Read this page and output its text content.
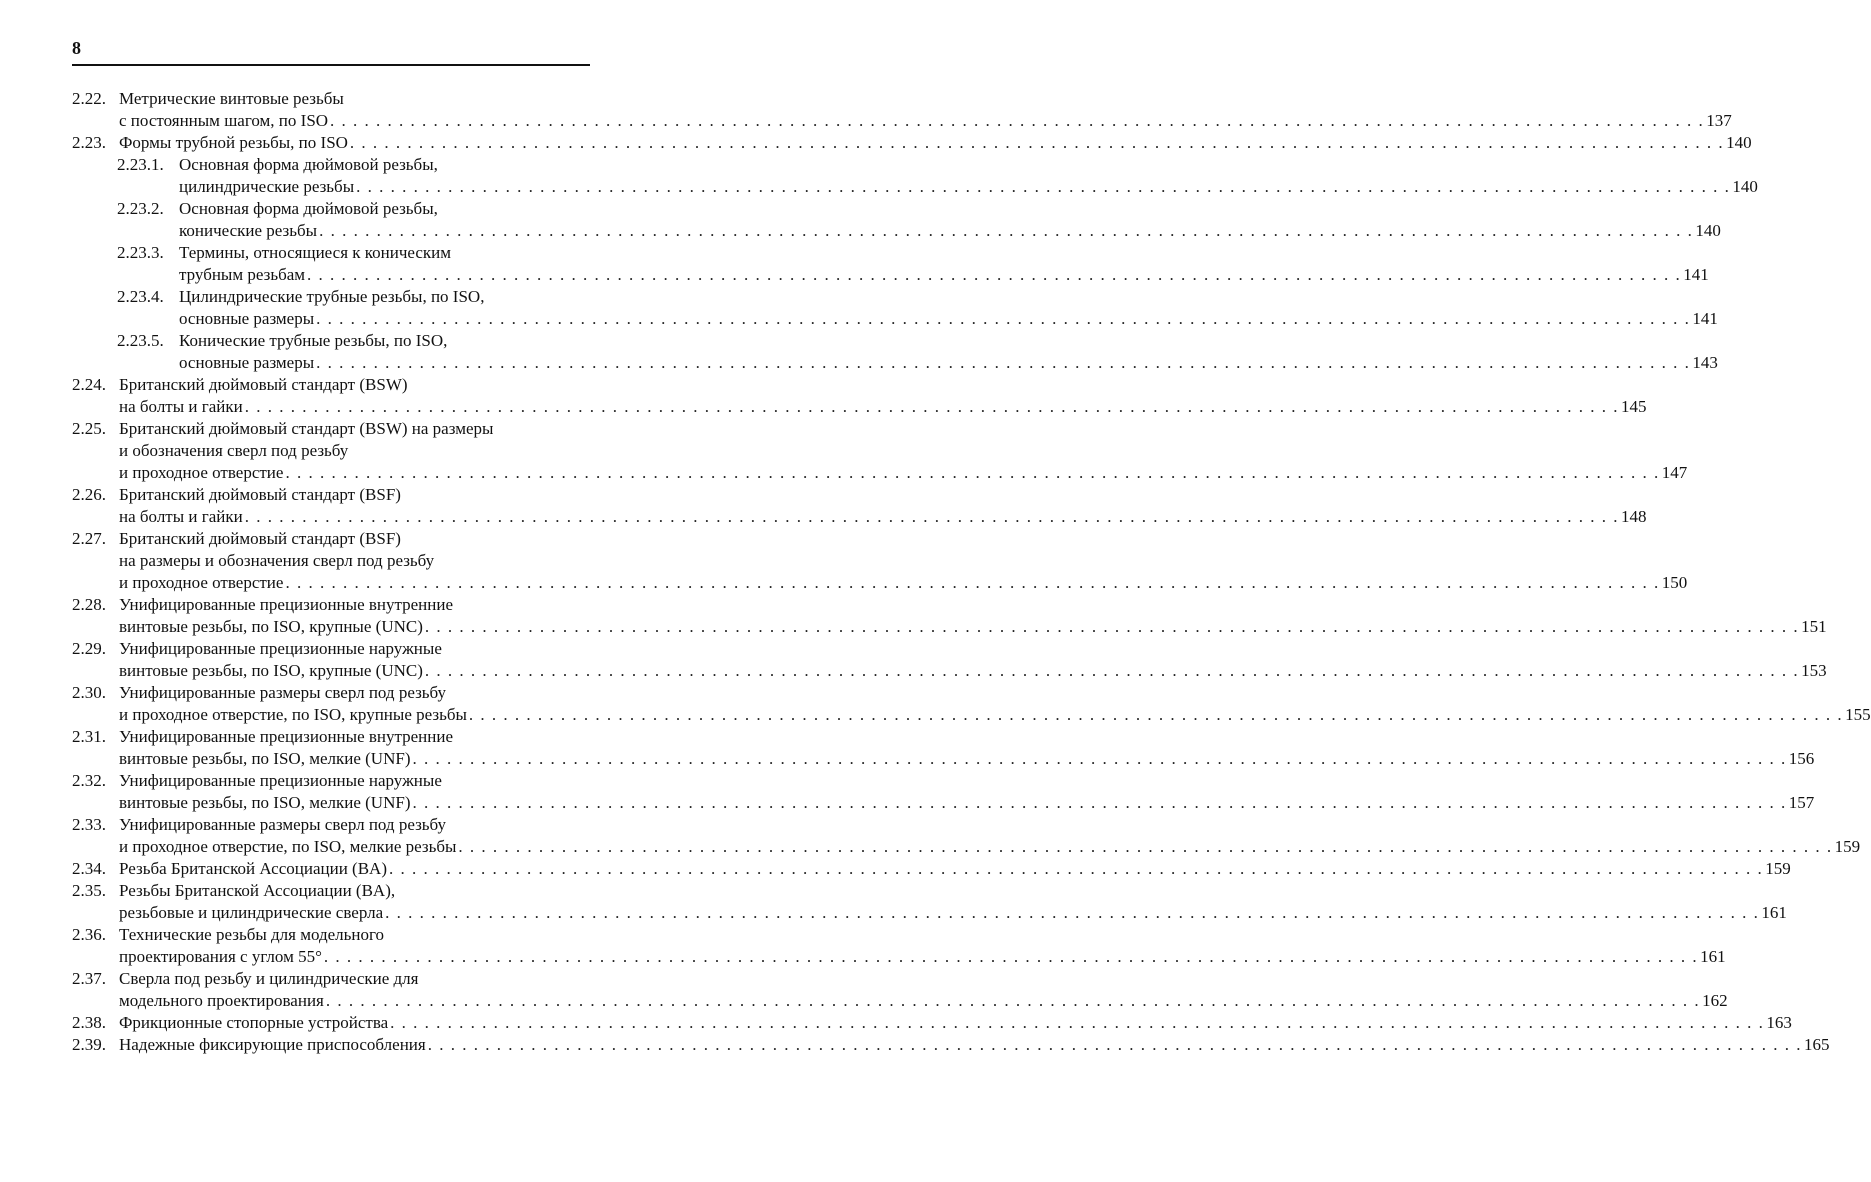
8
2.22. Метрические винтовые резьбы
с постоянным шагом, по ISO . . . . . . . . . . . . . . . . . . . . . . . . . . . . . . . . . . . . . . . . . . . . . . . . . . . . . . . . . . . . . . . . . . . . . . . . . . . . . . . . . . . . . . . . . . . . . . . . . . . . . . . . . . . . . . . . . . . . . . . . 137
2.23. Формы трубной резьбы, по ISO . . . . . . . . . . . . . . . . . . . . . . . . . . . . . . . . . . . . . . . . . . . . . . . . . . . . . . . . . . . . . . . . . . . . . . . . . . . . . . . . . . . . . . . . . . . . . . . . . . . . . . . . . . . . . . . . . . . . . . . . 140
2.23.1. Основная форма дюймовой резьбы,
цилиндрические резьбы . . . . . . . . . . . . . . . . . . . . . . . . . . . . . . . . . . . . . . . . . . . . . . . . . . . . . . . . . . . . . . . . . . . . . . . . . . . . . . . . . . . . . . . . . . . . . . . . . . . . . . . . . . . . . . . . . . . . . . . . 140
2.23.2. Основная форма дюймовой резьбы,
конические резьбы . . . . . . . . . . . . . . . . . . . . . . . . . . . . . . . . . . . . . . . . . . . . . . . . . . . . . . . . . . . . . . . . . . . . . . . . . . . . . . . . . . . . . . . . . . . . . . . . . . . . . . . . . . . . . . . . . . . . . . . . 140
2.23.3. Термины, относящиеся к коническим
трубным резьбам . . . . . . . . . . . . . . . . . . . . . . . . . . . . . . . . . . . . . . . . . . . . . . . . . . . . . . . . . . . . . . . . . . . . . . . . . . . . . . . . . . . . . . . . . . . . . . . . . . . . . . . . . . . . . . . . . . . . . . . . 141
2.23.4. Цилиндрические трубные резьбы, по ISO,
основные размеры . . . . . . . . . . . . . . . . . . . . . . . . . . . . . . . . . . . . . . . . . . . . . . . . . . . . . . . . . . . . . . . . . . . . . . . . . . . . . . . . . . . . . . . . . . . . . . . . . . . . . . . . . . . . . . . . . . . . . . . . 141
2.23.5. Конические трубные резьбы, по ISO,
основные размеры . . . . . . . . . . . . . . . . . . . . . . . . . . . . . . . . . . . . . . . . . . . . . . . . . . . . . . . . . . . . . . . . . . . . . . . . . . . . . . . . . . . . . . . . . . . . . . . . . . . . . . . . . . . . . . . . . . . . . . . . 143
2.24. Британский дюймовый стандарт (BSW)
на болты и гайки . . . . . . . . . . . . . . . . . . . . . . . . . . . . . . . . . . . . . . . . . . . . . . . . . . . . . . . . . . . . . . . . . . . . . . . . . . . . . . . . . . . . . . . . . . . . . . . . . . . . . . . . . . . . . . . . . . . . . . . . 145
2.25. Британский дюймовый стандарт (BSW) на размеры
и обозначения сверл под резьбу
и проходное отверстие . . . . . . . . . . . . . . . . . . . . . . . . . . . . . . . . . . . . . . . . . . . . . . . . . . . . . . . . . . . . . . . . . . . . . . . . . . . . . . . . . . . . . . . . . . . . . . . . . . . . . . . . . . . . . . . . . . . . . . . . 147
2.26. Британский дюймовый стандарт (BSF)
на болты и гайки . . . . . . . . . . . . . . . . . . . . . . . . . . . . . . . . . . . . . . . . . . . . . . . . . . . . . . . . . . . . . . . . . . . . . . . . . . . . . . . . . . . . . . . . . . . . . . . . . . . . . . . . . . . . . . . . . . . . . . . . 148
2.27. Британский дюймовый стандарт (BSF)
на размеры и обозначения сверл под резьбу
и проходное отверстие . . . . . . . . . . . . . . . . . . . . . . . . . . . . . . . . . . . . . . . . . . . . . . . . . . . . . . . . . . . . . . . . . . . . . . . . . . . . . . . . . . . . . . . . . . . . . . . . . . . . . . . . . . . . . . . . . . . . . . . . 150
2.28. Унифицированные прецизионные внутренние
винтовые резьбы, по ISO, крупные (UNC) . . . . . . . . . . . . . . . . . . . . . . . . . . . . . . . . . . . . . . . . . . . . . . . . . . . . . . . . . . . . . . . . . . . . . . . . . . . . . . . . . . . . . . . . . . . . . . . . . . . . . . . . . . . . . . . . . . . . . . . . 151
2.29. Унифицированные прецизионные наружные
винтовые резьбы, по ISO, крупные (UNC) . . . . . . . . . . . . . . . . . . . . . . . . . . . . . . . . . . . . . . . . . . . . . . . . . . . . . . . . . . . . . . . . . . . . . . . . . . . . . . . . . . . . . . . . . . . . . . . . . . . . . . . . . . . . . . . . . . . . . . . . 153
2.30. Унифицированные размеры сверл под резьбу
и проходное отверстие, по ISO, крупные резьбы . . . . . . . . . . . . . . . . . . . . . . . . . . . . . . . . . . . . . . . . . . . . . . . . . . . . . . . . . . . . . . . . . . . . . . . . . . . . . . . . . . . . . . . . . . . . . . . . . . . . . . . . . . . . . . . . . . . . . . . . 155
2.31. Унифицированные прецизионные внутренние
винтовые резьбы, по ISO, мелкие (UNF) . . . . . . . . . . . . . . . . . . . . . . . . . . . . . . . . . . . . . . . . . . . . . . . . . . . . . . . . . . . . . . . . . . . . . . . . . . . . . . . . . . . . . . . . . . . . . . . . . . . . . . . . . . . . . . . . . . . . . . . . 156
2.32. Унифицированные прецизионные наружные
винтовые резьбы, по ISO, мелкие (UNF) . . . . . . . . . . . . . . . . . . . . . . . . . . . . . . . . . . . . . . . . . . . . . . . . . . . . . . . . . . . . . . . . . . . . . . . . . . . . . . . . . . . . . . . . . . . . . . . . . . . . . . . . . . . . . . . . . . . . . . . . 157
2.33. Унифицированные размеры сверл под резьбу
и проходное отверстие, по ISO, мелкие резьбы . . . . . . . . . . . . . . . . . . . . . . . . . . . . . . . . . . . . . . . . . . . . . . . . . . . . . . . . . . . . . . . . . . . . . . . . . . . . . . . . . . . . . . . . . . . . . . . . . . . . . . . . . . . . . . . . . . . . . . . . 159
2.34. Резьба Британской Ассоциации (BA) . . . . . . . . . . . . . . . . . . . . . . . . . . . . . . . . . . . . . . . . . . . . . . . . . . . . . . . . . . . . . . . . . . . . . . . . . . . . . . . . . . . . . . . . . . . . . . . . . . . . . . . . . . . . . . . . . . . . . . . . 159
2.35. Резьбы Британской Ассоциации (BA),
резьбовые и цилиндрические сверла . . . . . . . . . . . . . . . . . . . . . . . . . . . . . . . . . . . . . . . . . . . . . . . . . . . . . . . . . . . . . . . . . . . . . . . . . . . . . . . . . . . . . . . . . . . . . . . . . . . . . . . . . . . . . . . . . . . . . . . . 161
2.36. Технические резьбы для модельного
проектирования с углом 55° . . . . . . . . . . . . . . . . . . . . . . . . . . . . . . . . . . . . . . . . . . . . . . . . . . . . . . . . . . . . . . . . . . . . . . . . . . . . . . . . . . . . . . . . . . . . . . . . . . . . . . . . . . . . . . . . . . . . . . . . 161
2.37. Сверла под резьбу и цилиндрические для
модельного проектирования . . . . . . . . . . . . . . . . . . . . . . . . . . . . . . . . . . . . . . . . . . . . . . . . . . . . . . . . . . . . . . . . . . . . . . . . . . . . . . . . . . . . . . . . . . . . . . . . . . . . . . . . . . . . . . . . . . . . . . . . 162
2.38. Фрикционные стопорные устройства . . . . . . . . . . . . . . . . . . . . . . . . . . . . . . . . . . . . . . . . . . . . . . . . . . . . . . . . . . . . . . . . . . . . . . . . . . . . . . . . . . . . . . . . . . . . . . . . . . . . . . . . . . . . . . . . . . . . . . . . 163
2.39. Надежные фиксирующие приспособления . . . . . . . . . . . . . . . . . . . . . . . . . . . . . . . . . . . . . . . . . . . . . . . . . . . . . . . . . . . . . . . . . . . . . . . . . . . . . . . . . . . . . . . . . . . . . . . . . . . . . . . . . . . . . . . . . . . . . . . . 165
